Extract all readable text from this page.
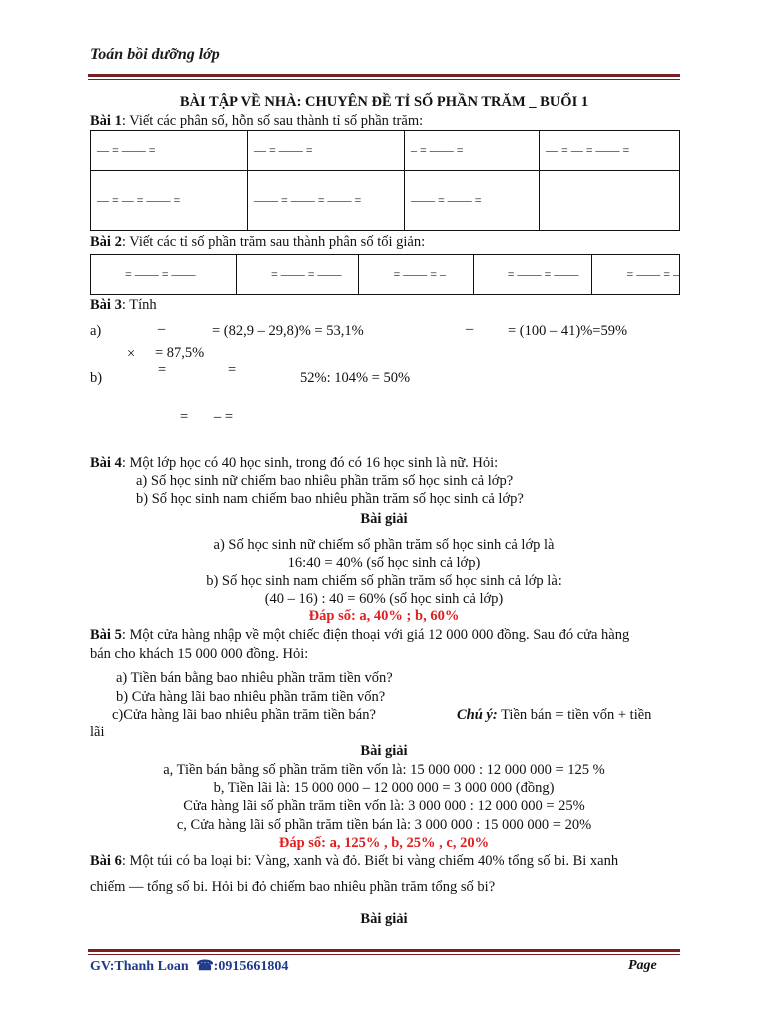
Toán bồi dưỡng lớp
BÀI TẬP VỀ NHÀ: CHUYÊN ĐỀ TỈ SỐ PHẦN TRĂM _ BUỔI 1
Bài 1: Viết các phân số, hỗn số sau thành tỉ số phần trăm:
— = —— =	— = —— =	– = —— =	— = — = —— =
— = — = —— =	—— = —— = —— =	—— = —— =	
Bài 2: Viết các tỉ số phần trăm sau thành phân số tối giản:
= —— = ——	= —— = ——	= —— = –	= —— = ——	= —— = –
Bài 3: Tính
a)	–	= (82,9 – 29,8)% = 53,1%	– = (100 – 41)%=59%
× = 87,5%
b)	=	=	52%: 104% = 50%
= – =
Bài 4: Một lớp học có 40 học sinh, trong đó có 16 học sinh là nữ. Hỏi:
a) Số học sinh nữ chiếm bao nhiêu phần trăm số học sinh cả lớp?
b) Số học sinh nam chiếm bao nhiêu phần trăm số học sinh cả lớp?
Bài giải
a) Số học sinh nữ chiếm số phần trăm số học sinh cả lớp là
16:40 = 40% (số học sinh cả lớp)
b) Số học sinh nam chiếm số phần trăm số học sinh cả lớp là:
(40 – 16) : 40 = 60% (số học sinh cả lớp)
Đáp số: a, 40% ; b, 60%
Bài 5: Một cửa hàng nhập về một chiếc điện thoại với giá 12 000 000 đồng. Sau đó cửa hàng
bán cho khách 15 000 000 đồng. Hỏi:
a) Tiền bán bằng bao nhiêu phần trăm tiền vốn?
b) Cửa hàng lãi bao nhiêu phần trăm tiền vốn?
c)Cửa hàng lãi bao nhiêu phần trăm tiền bán?	Chú ý: Tiền bán = tiền vốn + tiền
lãi
Bài giải
a, Tiền bán bằng số phần trăm tiền vốn là: 15 000 000 : 12 000 000 = 125 %
b, Tiền lãi là: 15 000 000 – 12 000 000 = 3 000 000 (đồng)
Cửa hàng lãi số phần trăm tiền vốn là: 3 000 000 : 12 000 000 = 25%
c, Cửa hàng lãi số phần trăm tiền bán là: 3 000 000 : 15 000 000 = 20%
Đáp số: a, 125% , b, 25% , c, 20%
Bài 6: Một túi có ba loại bi: Vàng, xanh và đỏ. Biết bi vàng chiếm 40% tổng số bi. Bi xanh
chiếm — tổng số bi. Hỏi bi đỏ chiếm bao nhiêu phần trăm tổng số bi?
Bài giải
GV:Thanh Loan ☎:0915661804	Page
